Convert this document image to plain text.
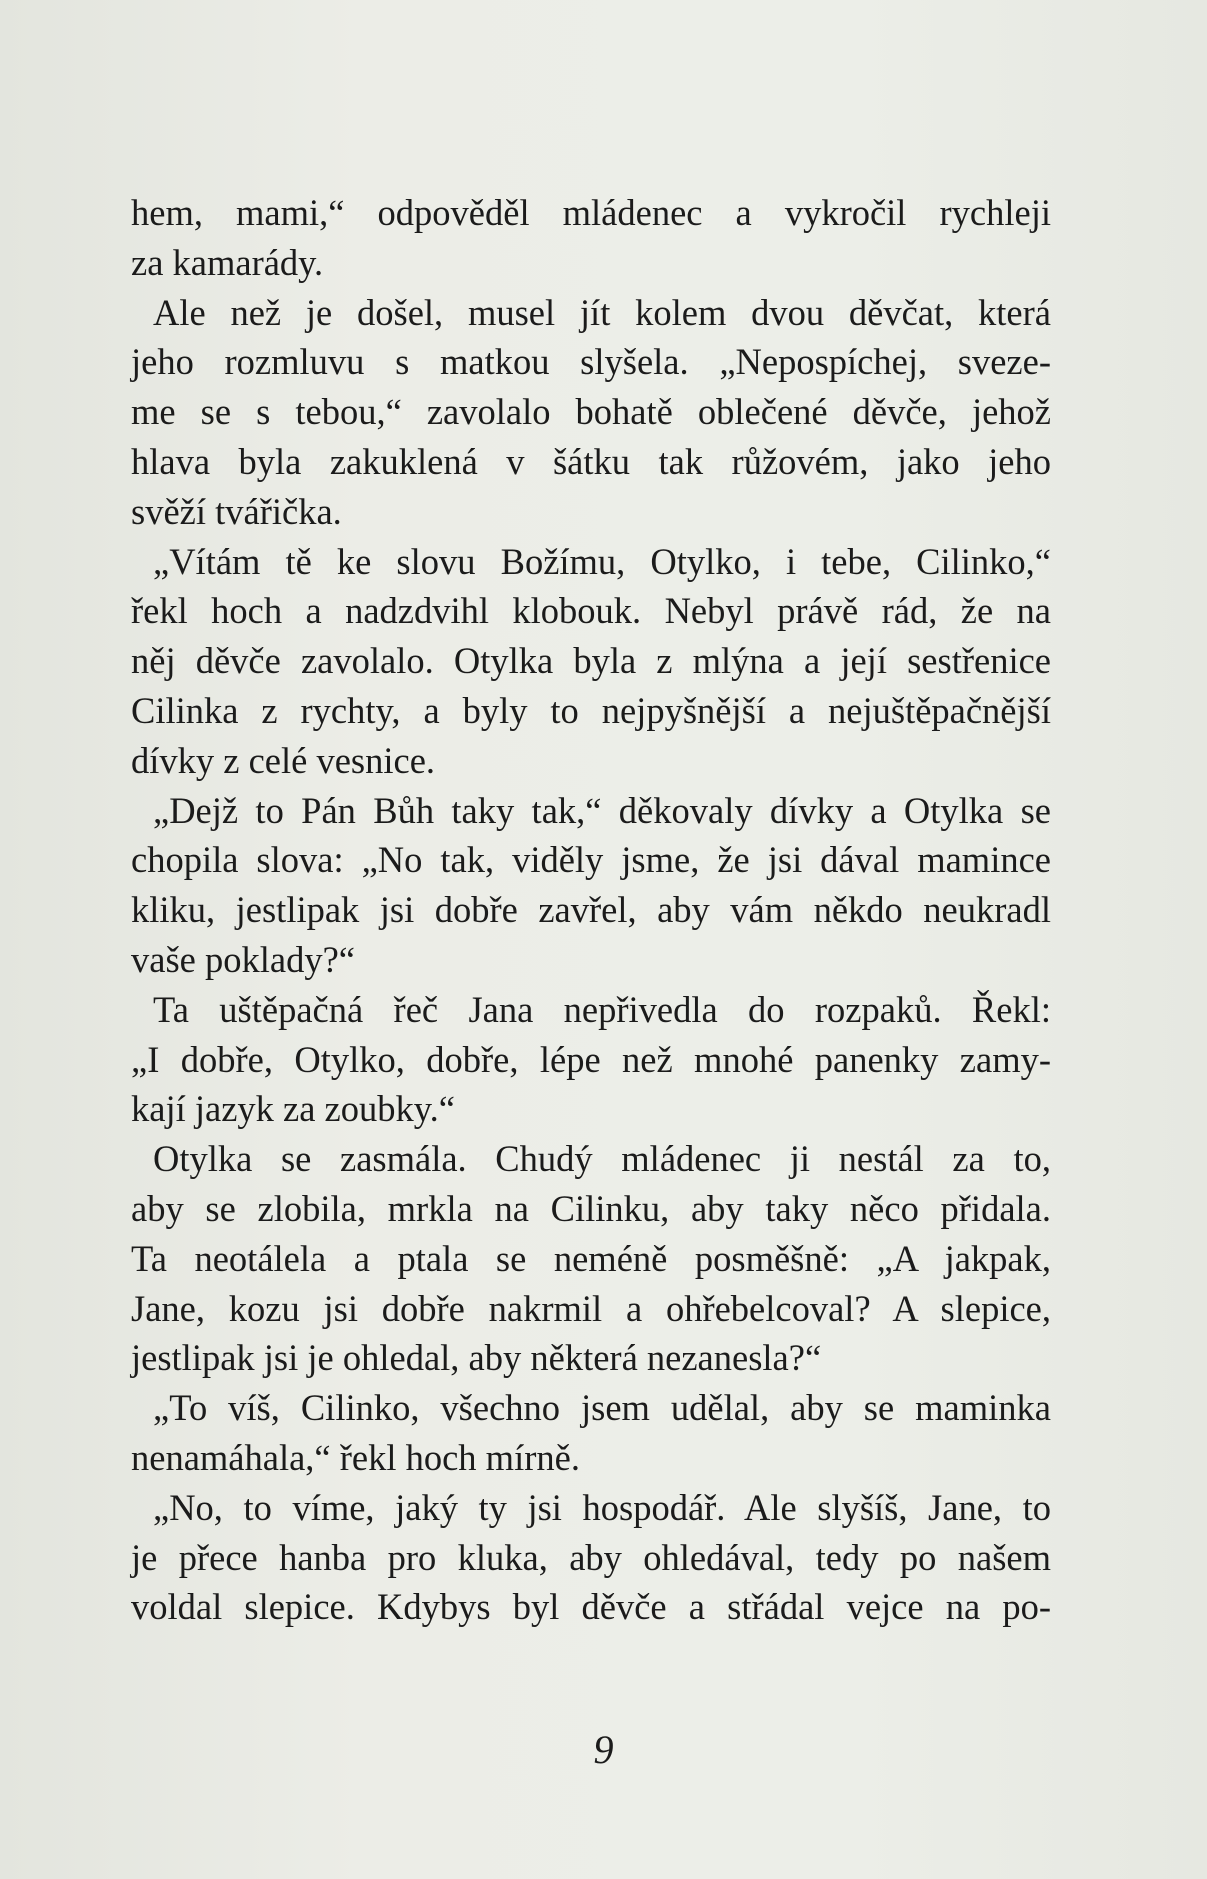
hem, mami,“ odpověděl mládenec a vykročil rychleji
za kamarády.
Ale než je došel, musel jít kolem dvou děvčat, která
jeho rozmluvu s matkou slyšela. „Nepospíchej, sveze-
me se s tebou,“ zavolalo bohatě oblečené děvče, jehož
hlava byla zakuklená v šátku tak růžovém, jako jeho
svěží tvářička.
„Vítám tě ke slovu Božímu, Otylko, i tebe, Cilinko,“
řekl hoch a nadzdvihl klobouk. Nebyl právě rád, že na
něj děvče zavolalo. Otylka byla z mlýna a její sestřenice
Cilinka z rychty, a byly to nejpyšnější a nejuštěpačnější
dívky z celé vesnice.
„Dejž to Pán Bůh taky tak,“ děkovaly dívky a Otylka se
chopila slova: „No tak, viděly jsme, že jsi dával mamince
kliku, jestlipak jsi dobře zavřel, aby vám někdo neukradl
vaše poklady?“
Ta uštěpačná řeč Jana nepřivedla do rozpaků. Řekl:
„I dobře, Otylko, dobře, lépe než mnohé panenky zamy-
kají jazyk za zoubky.“
Otylka se zasmála. Chudý mládenec ji nestál za to,
aby se zlobila, mrkla na Cilinku, aby taky něco přidala.
Ta neotálela a ptala se neméně posměšně: „A jakpak,
Jane, kozu jsi dobře nakrmil a ohřebelcoval? A slepice,
jestlipak jsi je ohledal, aby některá nezanesla?“
„To víš, Cilinko, všechno jsem udělal, aby se maminka
nenamáhala,“ řekl hoch mírně.
„No, to víme, jaký ty jsi hospodář. Ale slyšíš, Jane, to
je přece hanba pro kluka, aby ohledával, tedy po našem
voldal slepice. Kdybys byl děvče a střádal vejce na po-
9
